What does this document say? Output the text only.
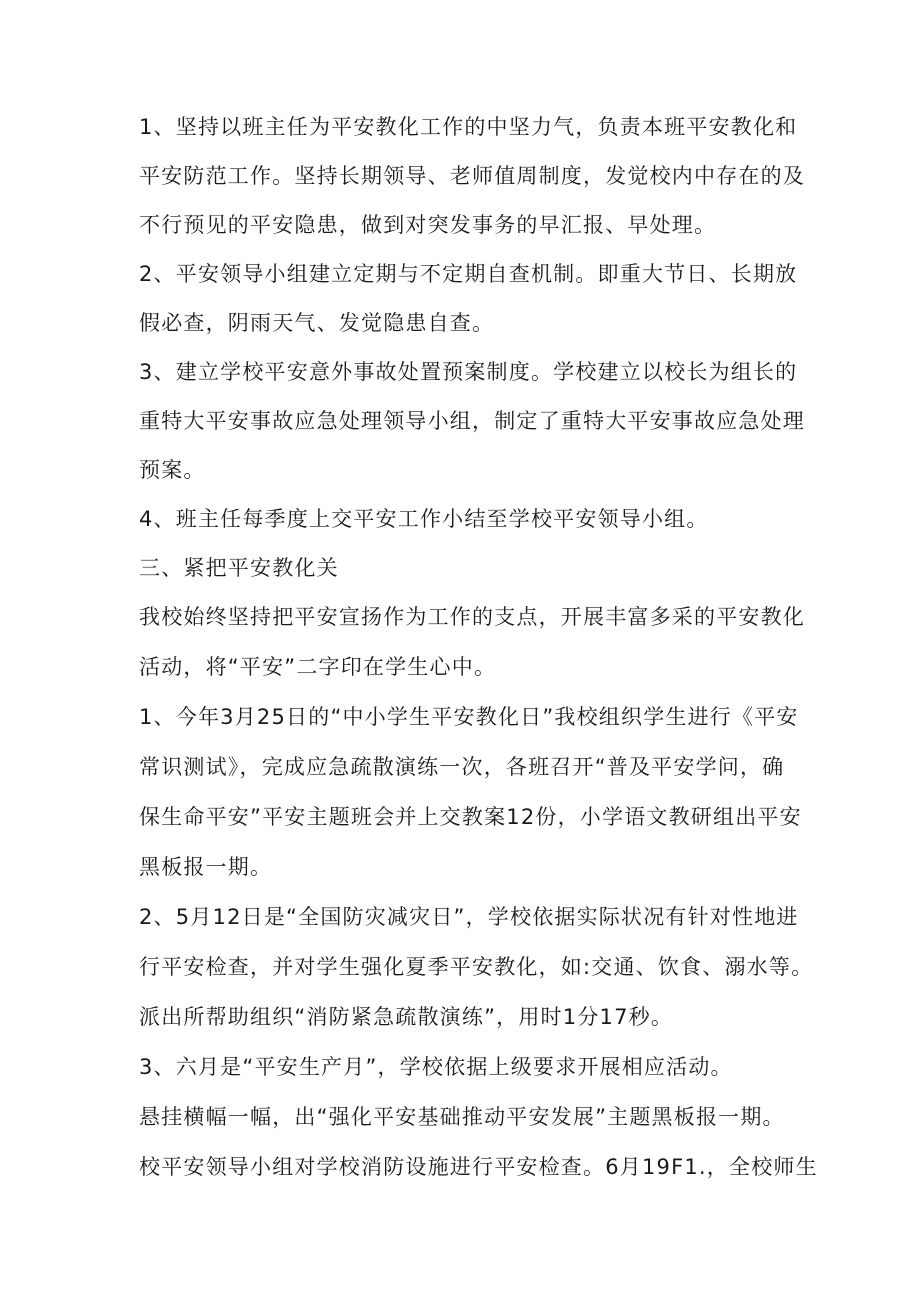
1、坚持以班主任为平安教化工作的中坚力气，负责本班平安教化和
平安防范工作。坚持长期领导、老师值周制度，发觉校内中存在的及
不行预见的平安隐患，做到对突发事务的早汇报、早处理。
2、平安领导小组建立定期与不定期自查机制。即重大节日、长期放
假必查，阴雨天气、发觉隐患自查。
3、建立学校平安意外事故处置预案制度。学校建立以校长为组长的
重特大平安事故应急处理领导小组，制定了重特大平安事故应急处理
预案。
4、班主任每季度上交平安工作小结至学校平安领导小组。
三、紧把平安教化关
我校始终坚持把平安宣扬作为工作的支点，开展丰富多采的平安教化
活动，将“平安”二字印在学生心中。
1、今年3月25日的“中小学生平安教化日”我校组织学生进行《平安
常识测试》，完成应急疏散演练一次，各班召开“普及平安学问，确
保生命平安”平安主题班会并上交教案12份，小学语文教研组出平安
黑板报一期。
2、5月12日是“全国防灾减灾日”，学校依据实际状况有针对性地进
行平安检查，并对学生强化夏季平安教化，如:交通、饮食、溺水等。
派出所帮助组织“消防紧急疏散演练”，用时1分17秒。
3、六月是“平安生产月”，学校依据上级要求开展相应活动。
悬挂横幅一幅，出“强化平安基础推动平安发展”主题黑板报一期。
校平安领导小组对学校消防设施进行平安检查。6月19F1.，全校师生
